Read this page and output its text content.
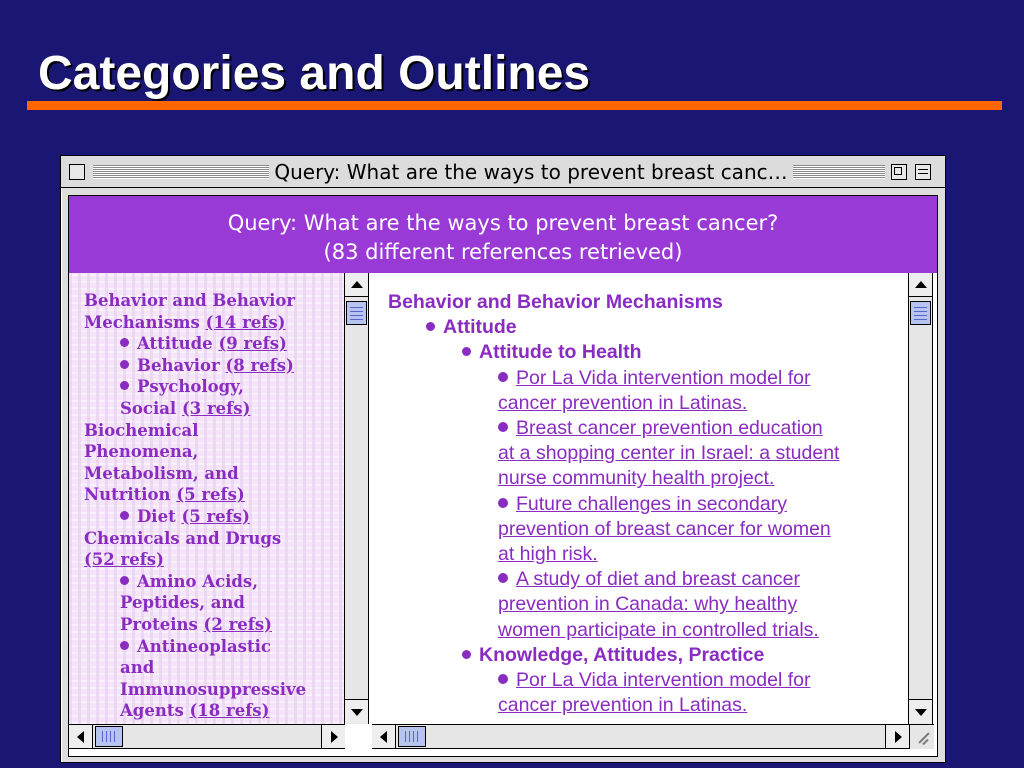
Categories and Outlines
Query: What are the ways to prevent breast canc…
Query: What are the ways to prevent breast cancer?
(83 different references retrieved)
Behavior and Behavior
Mechanisms (14 refs)
Attitude (9 refs)
Behavior (8 refs)
Psychology,
Social (3 refs)
Biochemical
Phenomena,
Metabolism, and
Nutrition (5 refs)
Diet (5 refs)
Chemicals and Drugs
(52 refs)
Amino Acids,
Peptides, and
Proteins (2 refs)
Antineoplastic
and
Immunosuppressive
Agents (18 refs)
Behavior and Behavior Mechanisms
Attitude
Attitude to Health
Por La Vida intervention model for
cancer prevention in Latinas.
Breast cancer prevention education
at a shopping center in Israel: a student
nurse community health project.
Future challenges in secondary
prevention of breast cancer for women
at high risk.
A study of diet and breast cancer
prevention in Canada: why healthy
women participate in controlled trials.
Knowledge, Attitudes, Practice
Por La Vida intervention model for
cancer prevention in Latinas.
